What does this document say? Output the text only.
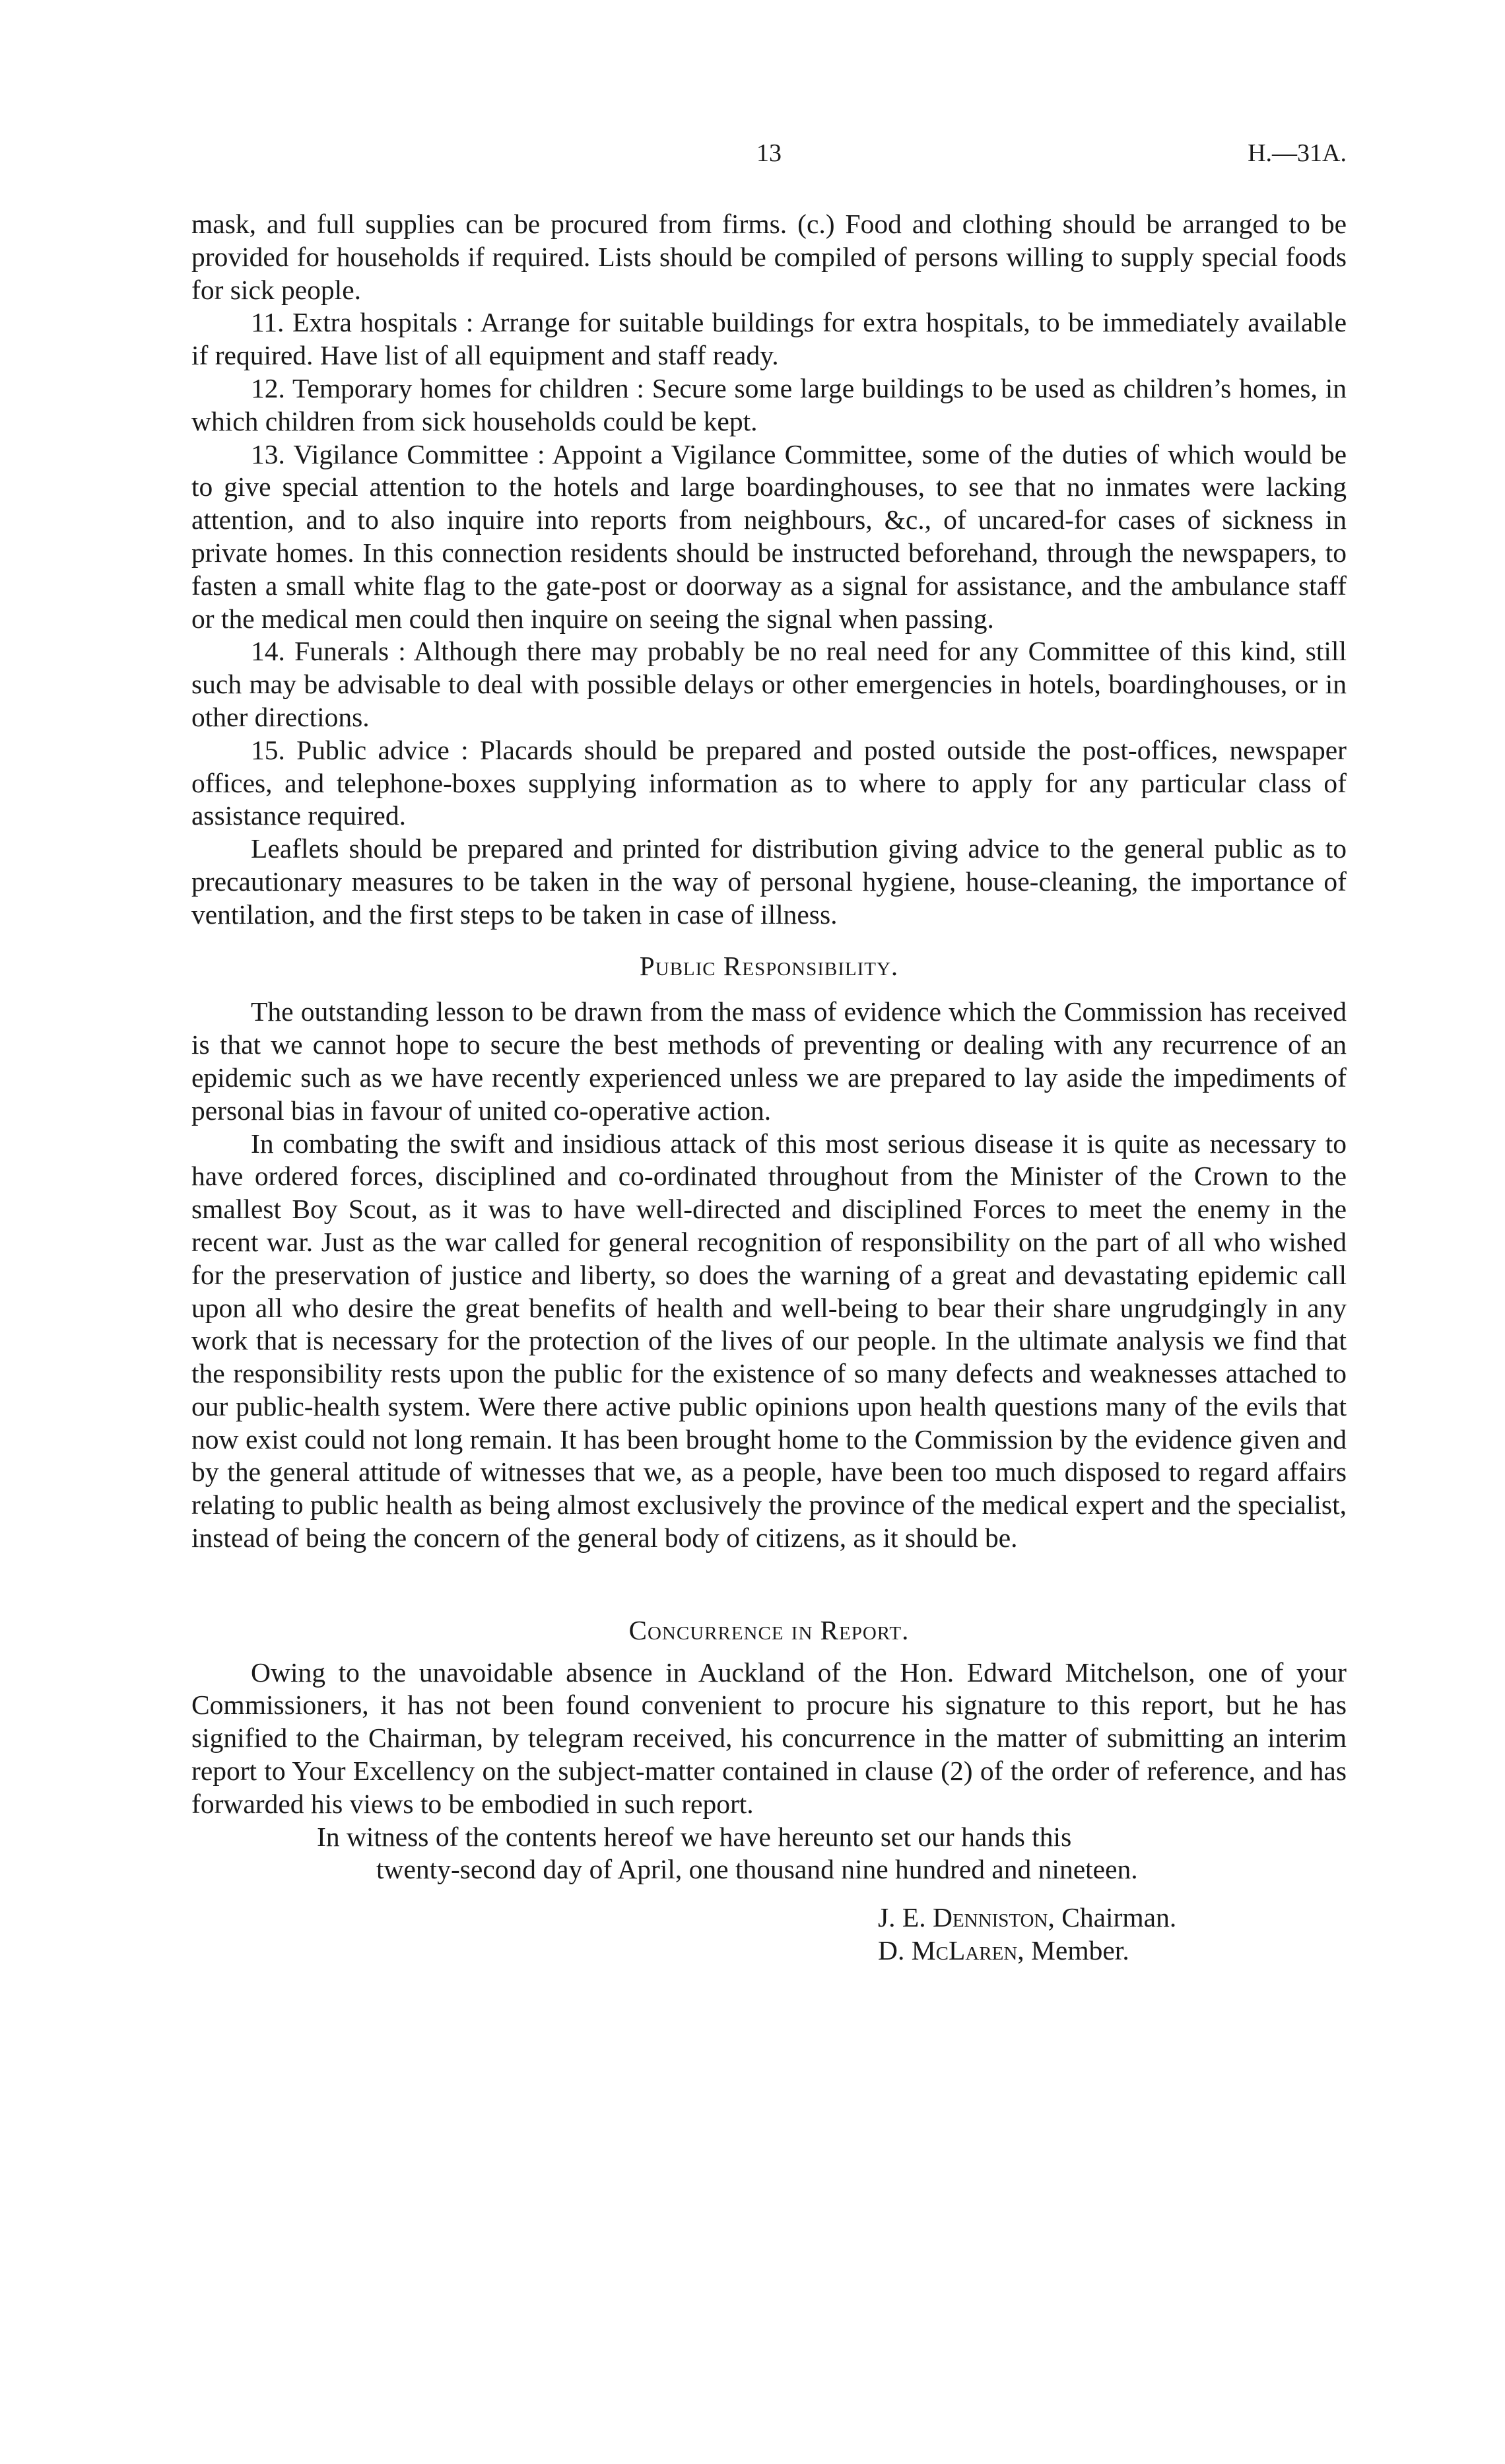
13	H.—31A.

mask, and full supplies can be procured from firms. (c.) Food and clothing should be arranged to be provided for households if required. Lists should be compiled of persons willing to supply special foods for sick people.

11. Extra hospitals : Arrange for suitable buildings for extra hospitals, to be immediately available if required. Have list of all equipment and staff ready.

12. Temporary homes for children : Secure some large buildings to be used as children’s homes, in which children from sick households could be kept.

13. Vigilance Committee : Appoint a Vigilance Committee, some of the duties of which would be to give special attention to the hotels and large boardinghouses, to see that no inmates were lacking attention, and to also inquire into reports from neighbours, &c., of uncared-for cases of sickness in private homes. In this connection residents should be instructed beforehand, through the newspapers, to fasten a small white flag to the gate-post or doorway as a signal for assistance, and the ambulance staff or the medical men could then inquire on seeing the signal when passing.

14. Funerals : Although there may probably be no real need for any Committee of this kind, still such may be advisable to deal with possible delays or other emergencies in hotels, boardinghouses, or in other directions.

15. Public advice : Placards should be prepared and posted outside the post-offices, newspaper offices, and telephone-boxes supplying information as to where to apply for any particular class of assistance required.

Leaflets should be prepared and printed for distribution giving advice to the general public as to precautionary measures to be taken in the way of personal hygiene, house-cleaning, the importance of ventilation, and the first steps to be taken in case of illness.

Public Responsibility.

The outstanding lesson to be drawn from the mass of evidence which the Commission has received is that we cannot hope to secure the best methods of preventing or dealing with any recurrence of an epidemic such as we have recently experienced unless we are prepared to lay aside the impediments of personal bias in favour of united co-operative action.

In combating the swift and insidious attack of this most serious disease it is quite as necessary to have ordered forces, disciplined and co-ordinated throughout from the Minister of the Crown to the smallest Boy Scout, as it was to have well-directed and disciplined Forces to meet the enemy in the recent war. Just as the war called for general recognition of responsibility on the part of all who wished for the preservation of justice and liberty, so does the warning of a great and devastating epidemic call upon all who desire the great benefits of health and well-being to bear their share ungrudgingly in any work that is necessary for the protection of the lives of our people. In the ultimate analysis we find that the responsibility rests upon the public for the existence of so many defects and weaknesses attached to our public-health system. Were there active public opinions upon health questions many of the evils that now exist could not long remain. It has been brought home to the Commission by the evidence given and by the general attitude of witnesses that we, as a people, have been too much disposed to regard affairs relating to public health as being almost exclusively the province of the medical expert and the specialist, instead of being the concern of the general body of citizens, as it should be.

Concurrence in Report.

Owing to the unavoidable absence in Auckland of the Hon. Edward Mitchelson, one of your Commissioners, it has not been found convenient to procure his signature to this report, but he has signified to the Chairman, by telegram received, his concurrence in the matter of submitting an interim report to Your Excellency on the subject-matter contained in clause (2) of the order of reference, and has forwarded his views to be embodied in such report.

In witness of the contents hereof we have hereunto set our hands this
twenty-second day of April, one thousand nine hundred and nineteen.

J. E. Denniston, Chairman.
D. McLaren, Member.
